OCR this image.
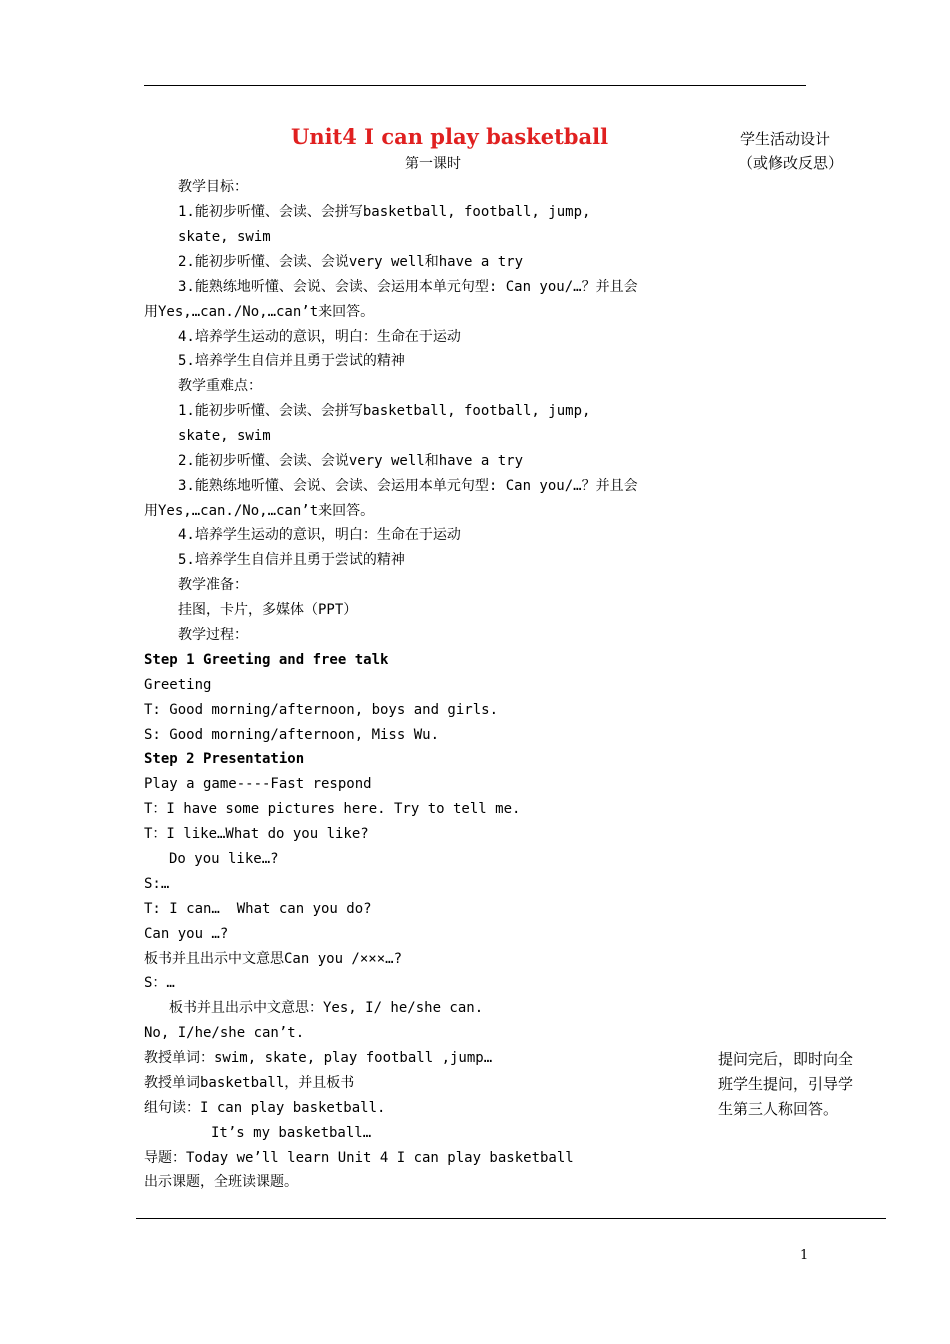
Unit4 I can play basketball
第一课时
学生活动设计
（或修改反思）
教学目标：
1.能初步听懂、会读、会拼写basketball, football, jump,
skate, swim
2.能初步听懂、会读、会说very well和have a try
3.能熟练地听懂、会说、会读、会运用本单元句型: Can you/…？并且会
用Yes,…can./No,…can’t来回答。
4.培养学生运动的意识，明白：生命在于运动
5.培养学生自信并且勇于尝试的精神
教学重难点：
1.能初步听懂、会读、会拼写basketball, football, jump,
skate, swim
2.能初步听懂、会读、会说very well和have a try
3.能熟练地听懂、会说、会读、会运用本单元句型: Can you/…？并且会
用Yes,…can./No,…can’t来回答。
4.培养学生运动的意识，明白：生命在于运动
5.培养学生自信并且勇于尝试的精神
教学准备：
挂图，卡片，多媒体（PPT）
教学过程：
Step 1 Greeting and free talk
Greeting
T: Good morning/afternoon, boys and girls.
S: Good morning/afternoon, Miss Wu.
Step 2 Presentation
Play a game----Fast respond
T：I have some pictures here. Try to tell me.
T：I like…What do you like?
Do you like…?
S:…
T: I can…  What can you do?
Can you …?
板书并且出示中文意思Can you /×××…?
S：…
板书并且出示中文意思：Yes, I/ he/she can.
No, I/he/she can’t.
教授单词：swim, skate, play football ,jump…
教授单词basketball，并且板书
组句读：I can play basketball.
It’s my basketball…
导题：Today we’ll learn Unit 4 I can play basketball
出示课题，全班读课题。
提问完后，即时向全
班学生提问，引导学
生第三人称回答。
1
